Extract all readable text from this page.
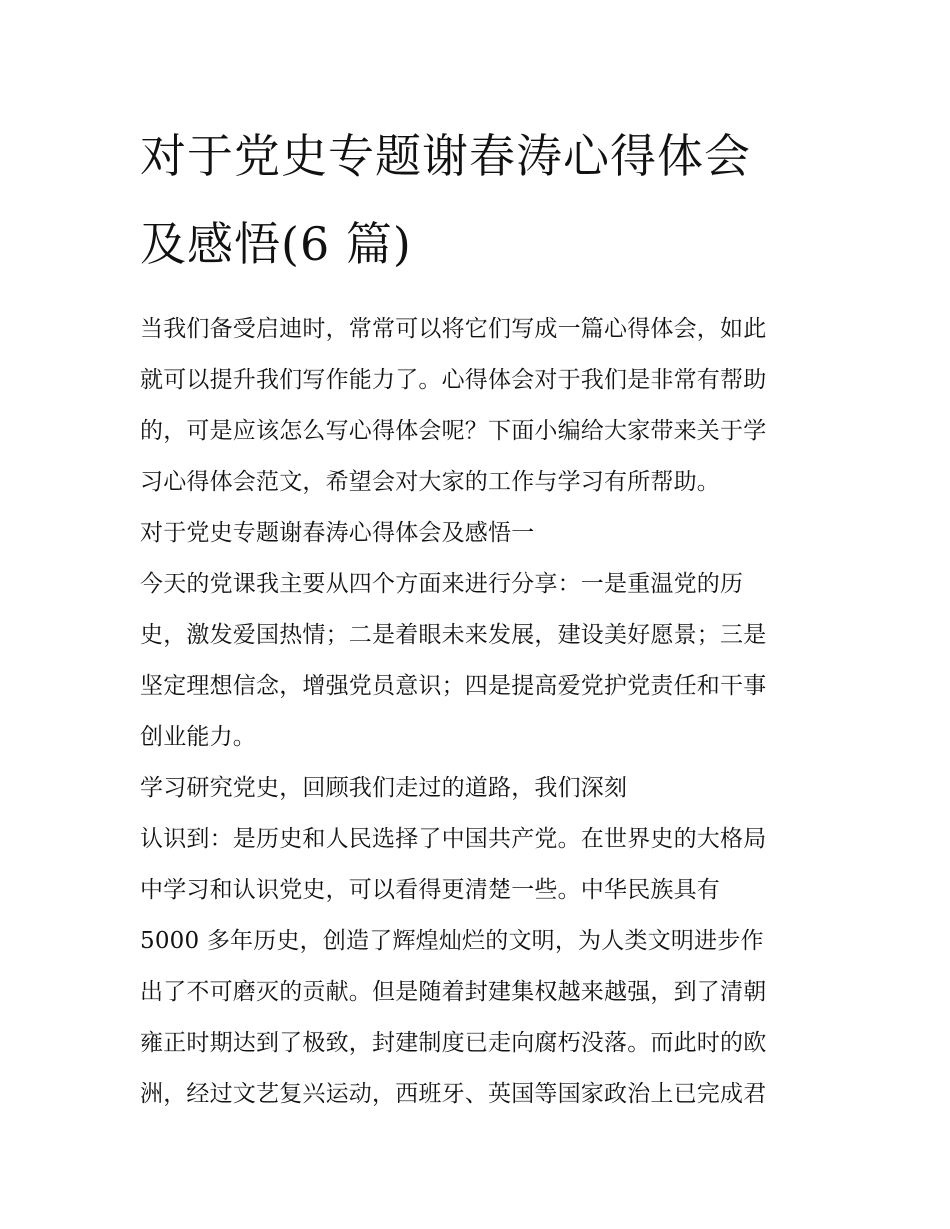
对于党史专题谢春涛心得体会
及感悟(6 篇)
当我们备受启迪时，常常可以将它们写成一篇心得体会，如此
就可以提升我们写作能力了。心得体会对于我们是非常有帮助
的，可是应该怎么写心得体会呢？下面小编给大家带来关于学
习心得体会范文，希望会对大家的工作与学习有所帮助。
对于党史专题谢春涛心得体会及感悟一
今天的党课我主要从四个方面来进行分享：一是重温党的历
史，激发爱国热情；二是着眼未来发展，建设美好愿景；三是
坚定理想信念，增强党员意识；四是提高爱党护党责任和干事
创业能力。
学习研究党史，回顾我们走过的道路，我们深刻
认识到：是历史和人民选择了中国共产党。在世界史的大格局
中学习和认识党史，可以看得更清楚一些。中华民族具有
5000 多年历史，创造了辉煌灿烂的文明，为人类文明进步作
出了不可磨灭的贡献。但是随着封建集权越来越强，到了清朝
雍正时期达到了极致，封建制度已走向腐朽没落。而此时的欧
洲，经过文艺复兴运动，西班牙、英国等国家政治上已完成君
